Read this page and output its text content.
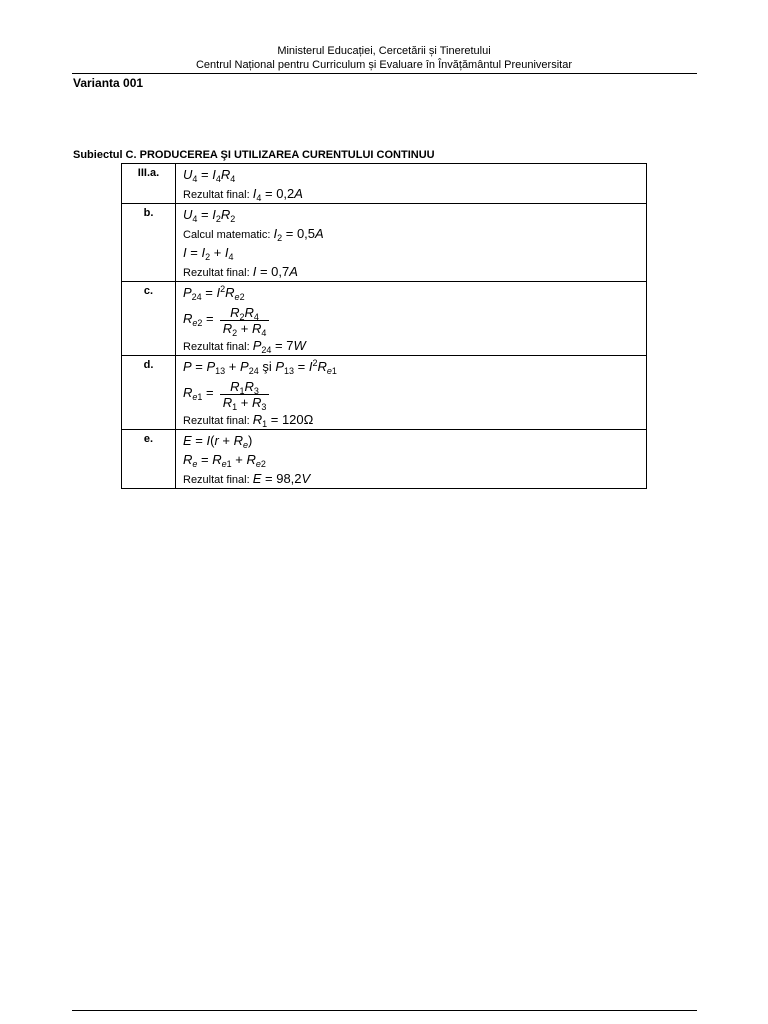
Ministerul Educației, Cercetării și Tineretului
Centrul Național pentru Curriculum și Evaluare în Învățământul Preuniversitar
Varianta 001
Subiectul C. PRODUCEREA ŞI UTILIZAREA CURENTULUI CONTINUU
III.a.	$U_4 = I_4R_4$
Rezultat final: $I_4 = 0,2A$

b.	$U_4 = I_2R_2$
Calcul matematic: $I_2 = 0,5A$
$I = I_2 + I_4$
Rezultat final: I = 0,7A

c.	$P_{24} = I^2R_{e2}$
$R_{e2} = \frac{R_2R_4}{R_2 + R_4}$
Rezultat final: $P_{24} = 7W$

d.	$P = P_{13} + P_{24}$ şi $P_{13} = I^2R_{e1}$
$R_{e1} = \frac{R_1R_3}{R_1 + R_3}$
Rezultat final: $R_1 = 120\Omega$

e.	$E = I(r + R_e)$
$R_e = R_{e1} + R_{e2}$
Rezultat final: E = 98,2V
